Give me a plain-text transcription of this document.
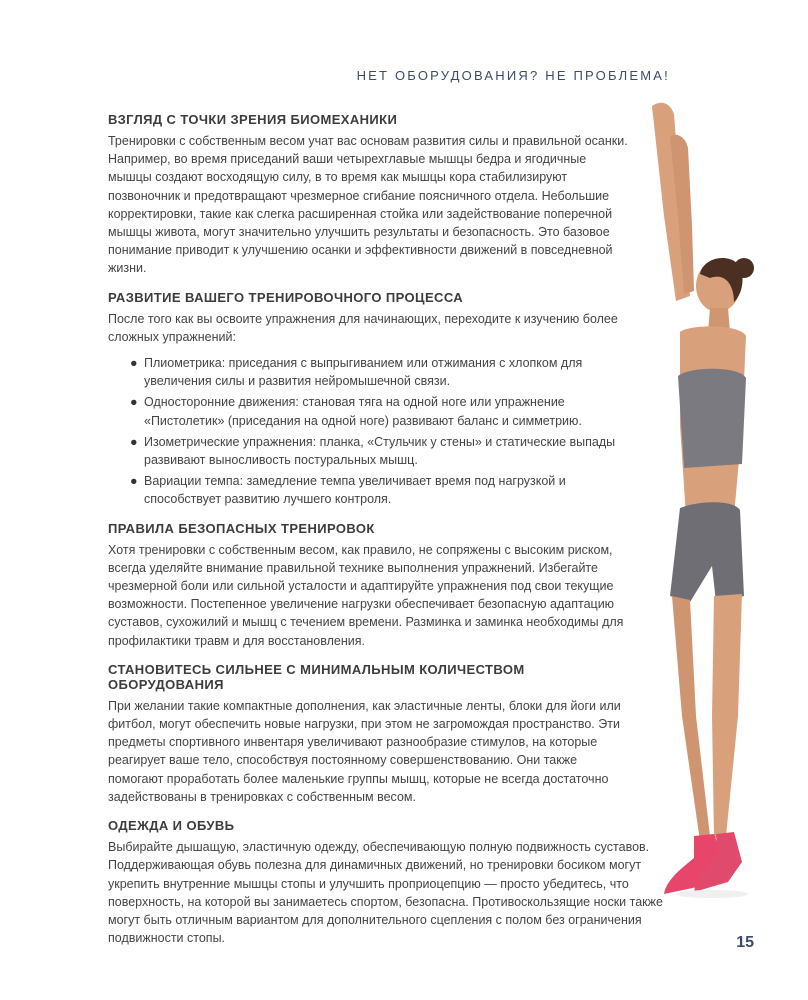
НЕТ ОБОРУДОВАНИЯ? НЕ ПРОБЛЕМА!
ВЗГЛЯД С ТОЧКИ ЗРЕНИЯ БИОМЕХАНИКИ

Тренировки с собственным весом учат вас основам развития силы и правильной осанки. Например, во время приседаний ваши четырехглавые мышцы бедра и ягодичные мышцы создают восходящую силу, в то время как мышцы кора стабилизируют позвоночник и предотвращают чрезмерное сгибание поясничного отдела. Небольшие корректировки, такие как слегка расширенная стойка или задействование поперечной мышцы живота, могут значительно улучшить результаты и безопасность. Это базовое понимание приводит к улучшению осанки и эффективности движений в повседневной жизни.

РАЗВИТИЕ ВАШЕГО ТРЕНИРОВОЧНОГО ПРОЦЕССА

После того как вы освоите упражнения для начинающих, переходите к изучению более сложных упражнений:

● Плиометрика: приседания с выпрыгиванием или отжимания с хлопком для увеличения силы и развития нейромышечной связи.
● Односторонние движения: становая тяга на одной ноге или упражнение «Пистолетик» (приседания на одной ноге) развивают баланс и симметрию.
● Изометрические упражнения: планка, «Стульчик у стены» и статические выпады развивают выносливость постуральных мышц.
● Вариации темпа: замедление темпа увеличивает время под нагрузкой и способствует развитию лучшего контроля.
ПРАВИЛА БЕЗОПАСНЫХ ТРЕНИРОВОК

Хотя тренировки с собственным весом, как правило, не сопряжены с высоким риском, всегда уделяйте внимание правильной технике выполнения упражнений. Избегайте чрезмерной боли или сильной усталости и адаптируйте упражнения под свои текущие возможности. Постепенное увеличение нагрузки обеспечивает безопасную адаптацию суставов, сухожилий и мышц с течением времени. Разминка и заминка необходимы для профилактики травм и для восстановления.

СТАНОВИТЕСЬ СИЛЬНЕЕ С МИНИМАЛЬНЫМ КОЛИЧЕСТВОМ ОБОРУДОВАНИЯ

При желании такие компактные дополнения, как эластичные ленты, блоки для йоги или фитбол, могут обеспечить новые нагрузки, при этом не загромождая пространство. Эти предметы спортивного инвентаря увеличивают разнообразие стимулов, на которые реагирует ваше тело, способствуя постоянному совершенствованию. Они также помогают проработать более маленькие группы мышц, которые не всегда достаточно задействованы в тренировках с собственным весом.

ОДЕЖДА И ОБУВЬ

Выбирайте дышащую, эластичную одежду, обеспечивающую полную подвижность суставов. Поддерживающая обувь полезна для динамичных движений, но тренировки босиком могут укрепить внутренние мышцы стопы и улучшить проприоцепцию — просто убедитесь, что поверхность, на которой вы занимаетесь спортом, безопасна. Противоскользящие носки также могут быть отличным вариантом для дополнительного сцепления с полом без ограничения подвижности стопы.	15
